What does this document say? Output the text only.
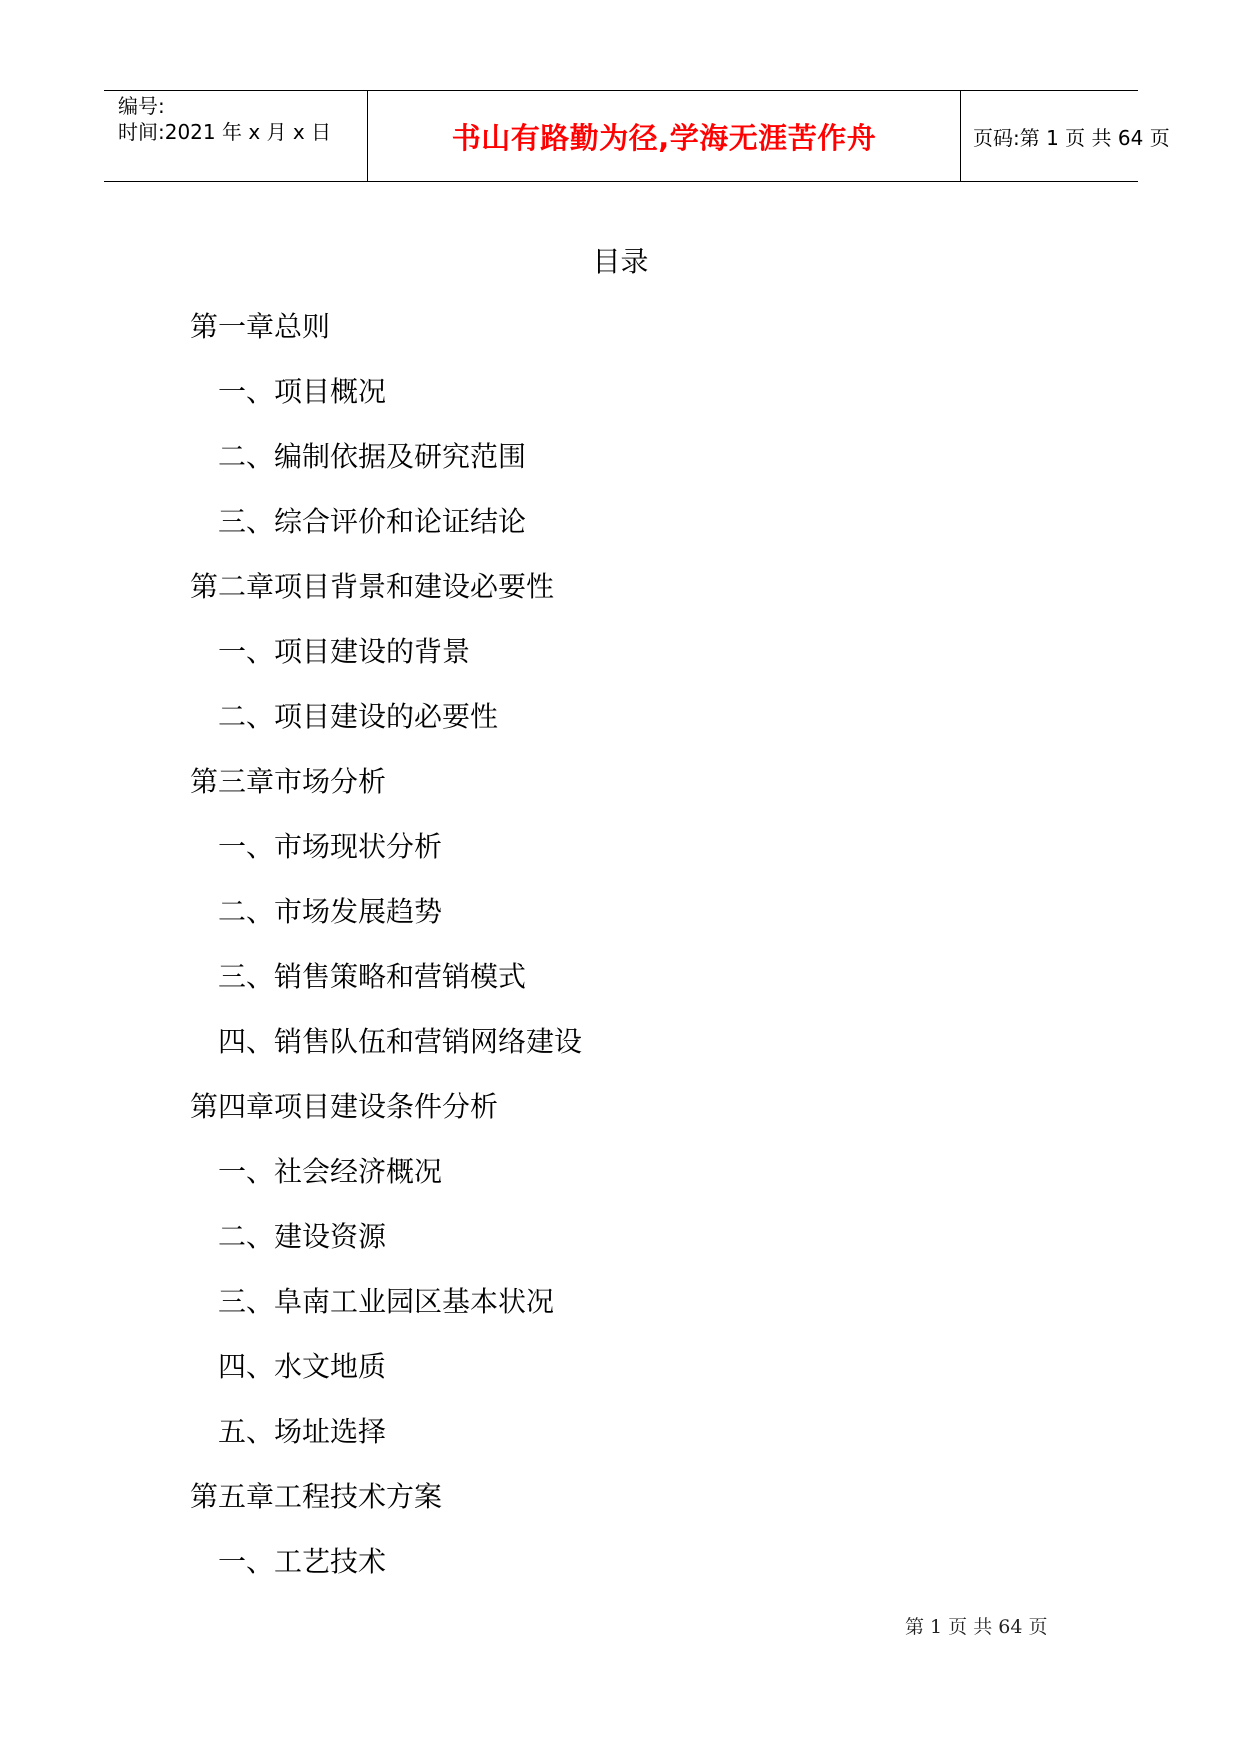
编号:
时间:2021 年 x 月 x 日	书山有路勤为径,学海无涯苦作舟	页码:第 1 页 共 64 页
目录
第一章总则
一、项目概况
二、编制依据及研究范围
三、综合评价和论证结论
第二章项目背景和建设必要性
一、项目建设的背景
二、项目建设的必要性
第三章市场分析
一、市场现状分析
二、市场发展趋势
三、销售策略和营销模式
四、销售队伍和营销网络建设
第四章项目建设条件分析
一、社会经济概况
二、建设资源
三、阜南工业园区基本状况
四、水文地质
五、场址选择
第五章工程技术方案
一、工艺技术
第 1 页 共 64 页
